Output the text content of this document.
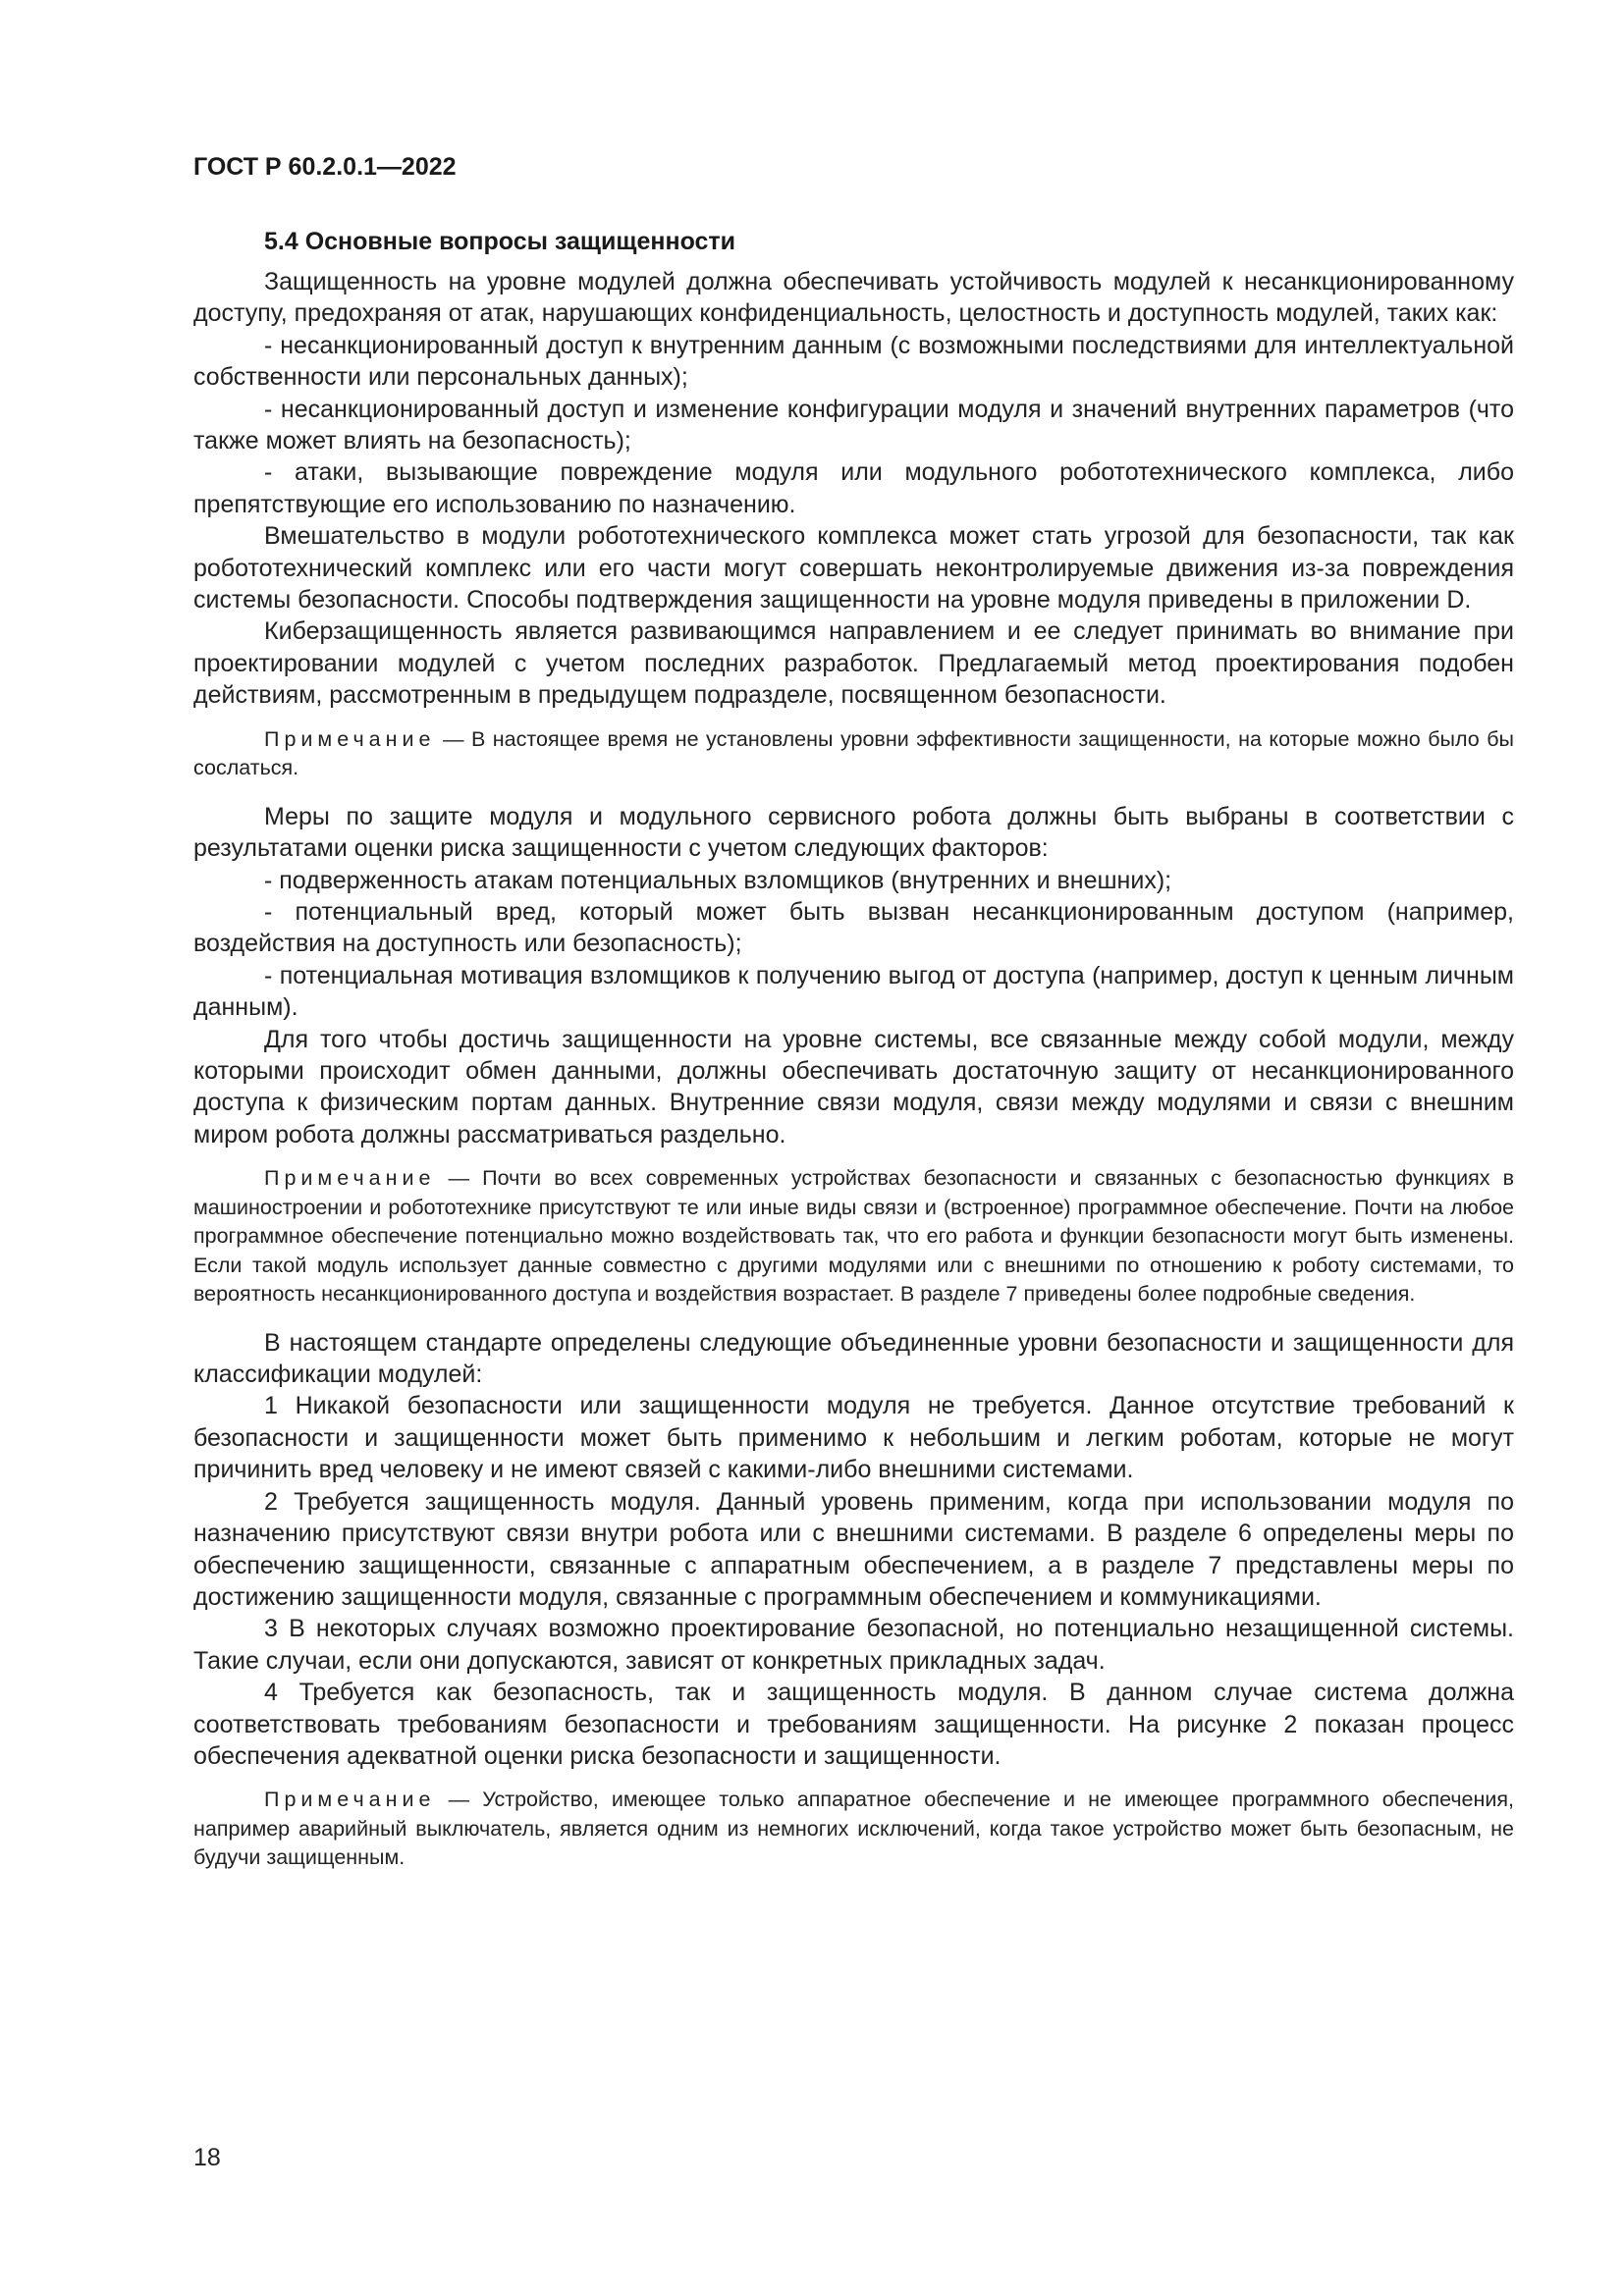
ГОСТ Р 60.2.0.1—2022
5.4 Основные вопросы защищенности

Защищенность на уровне модулей должна обеспечивать устойчивость модулей к несанкционированному доступу, предохраняя от атак, нарушающих конфиденциальность, целостность и доступность модулей, таких как:

- несанкционированный доступ к внутренним данным (с возможными последствиями для интеллектуальной собственности или персональных данных);

- несанкционированный доступ и изменение конфигурации модуля и значений внутренних параметров (что также может влиять на безопасность);

- атаки, вызывающие повреждение модуля или модульного робототехнического комплекса, либо препятствующие его использованию по назначению.

Вмешательство в модули робототехнического комплекса может стать угрозой для безопасности, так как робототехнический комплекс или его части могут совершать неконтролируемые движения из-за повреждения системы безопасности. Способы подтверждения защищенности на уровне модуля приведены в приложении D.

Киберзащищенность является развивающимся направлением и ее следует принимать во внимание при проектировании модулей с учетом последних разработок. Предлагаемый метод проектирования подобен действиям, рассмотренным в предыдущем подразделе, посвященном безопасности.

Примечание — В настоящее время не установлены уровни эффективности защищенности, на которые можно было бы сослаться.

Меры по защите модуля и модульного сервисного робота должны быть выбраны в соответствии с результатами оценки риска защищенности с учетом следующих факторов:

- подверженность атакам потенциальных взломщиков (внутренних и внешних);

- потенциальный вред, который может быть вызван несанкционированным доступом (например, воздействия на доступность или безопасность);

- потенциальная мотивация взломщиков к получению выгод от доступа (например, доступ к ценным личным данным).

Для того чтобы достичь защищенности на уровне системы, все связанные между собой модули, между которыми происходит обмен данными, должны обеспечивать достаточную защиту от несанкционированного доступа к физическим портам данных. Внутренние связи модуля, связи между модулями и связи с внешним миром робота должны рассматриваться раздельно.

Примечание — Почти во всех современных устройствах безопасности и связанных с безопасностью функциях в машиностроении и робототехнике присутствуют те или иные виды связи и (встроенное) программное обеспечение. Почти на любое программное обеспечение потенциально можно воздействовать так, что его работа и функции безопасности могут быть изменены. Если такой модуль использует данные совместно с другими модулями или с внешними по отношению к роботу системами, то вероятность несанкционированного доступа и воздействия возрастает. В разделе 7 приведены более подробные сведения.

В настоящем стандарте определены следующие объединенные уровни безопасности и защищенности для классификации модулей:

1 Никакой безопасности или защищенности модуля не требуется. Данное отсутствие требований к безопасности и защищенности может быть применимо к небольшим и легким роботам, которые не могут причинить вред человеку и не имеют связей с какими-либо внешними системами.

2 Требуется защищенность модуля. Данный уровень применим, когда при использовании модуля по назначению присутствуют связи внутри робота или с внешними системами. В разделе 6 определены меры по обеспечению защищенности, связанные с аппаратным обеспечением, а в разделе 7 представлены меры по достижению защищенности модуля, связанные с программным обеспечением и коммуникациями.

3 В некоторых случаях возможно проектирование безопасной, но потенциально незащищенной системы. Такие случаи, если они допускаются, зависят от конкретных прикладных задач.

4 Требуется как безопасность, так и защищенность модуля. В данном случае система должна соответствовать требованиям безопасности и требованиям защищенности. На рисунке 2 показан процесс обеспечения адекватной оценки риска безопасности и защищенности.

Примечание — Устройство, имеющее только аппаратное обеспечение и не имеющее программного обеспечения, например аварийный выключатель, является одним из немногих исключений, когда такое устройство может быть безопасным, не будучи защищенным.

18
